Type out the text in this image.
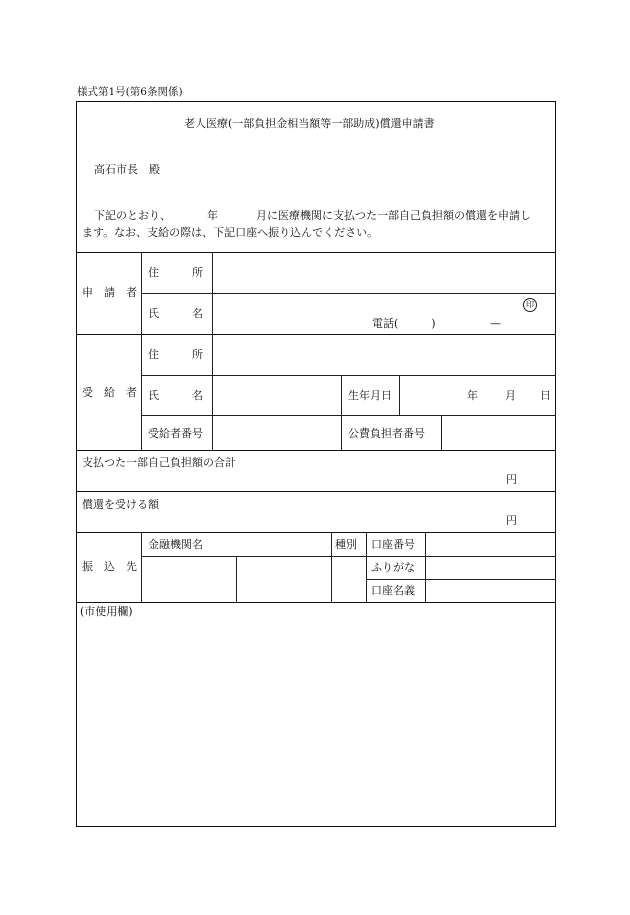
様式第1号(第6条関係)
老人医療(一部負担金相当額等一部助成)償還申請書
高石市長　殿
下記のとおり、	年	月に医療機関に支払つた一部自己負担額の償還を申請し
ます。なお、支給の際は、下記口座へ振り込んでください。
申　請　者
住　　　所
氏　　　名
印
電話(　　　)	—
受　給　者
住　　　所
氏　　　名	生年月日	年 月 日
受給者番号	公費負担者番号
支払つた一部自己負担額の合計
円
償還を受ける額
円
振　込　先
金融機関名	種別 口座番号
ふりがな
口座名義
(市使用欄)
